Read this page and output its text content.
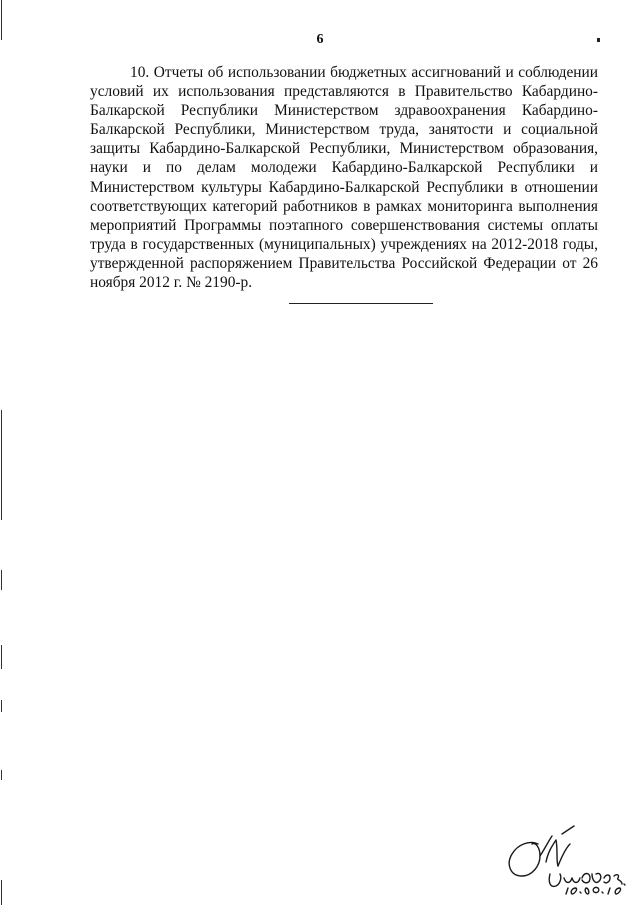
6

10. Отчеты об использовании бюджетных ассигнований и соблюдении условий их использования представляются в Правительство Кабардино-Балкарской Республики Министерством здравоохранения Кабардино-Балкарской Республики, Министерством труда, занятости и социальной защиты Кабардино-Балкарской Республики, Министерством образования, науки и по делам молодежи Кабардино-Балкарской Республики и Министерством культуры Кабардино-Балкарской Республики в отношении соответствующих категорий работников в рамках мониторинга выполнения мероприятий Программы поэтапного совершенствования системы оплаты труда в государственных (муниципальных) учреждениях на 2012-2018 годы, утвержденной распоряжением Правительства Российской Федерации от 26 ноября 2012 г. № 2190-р.
